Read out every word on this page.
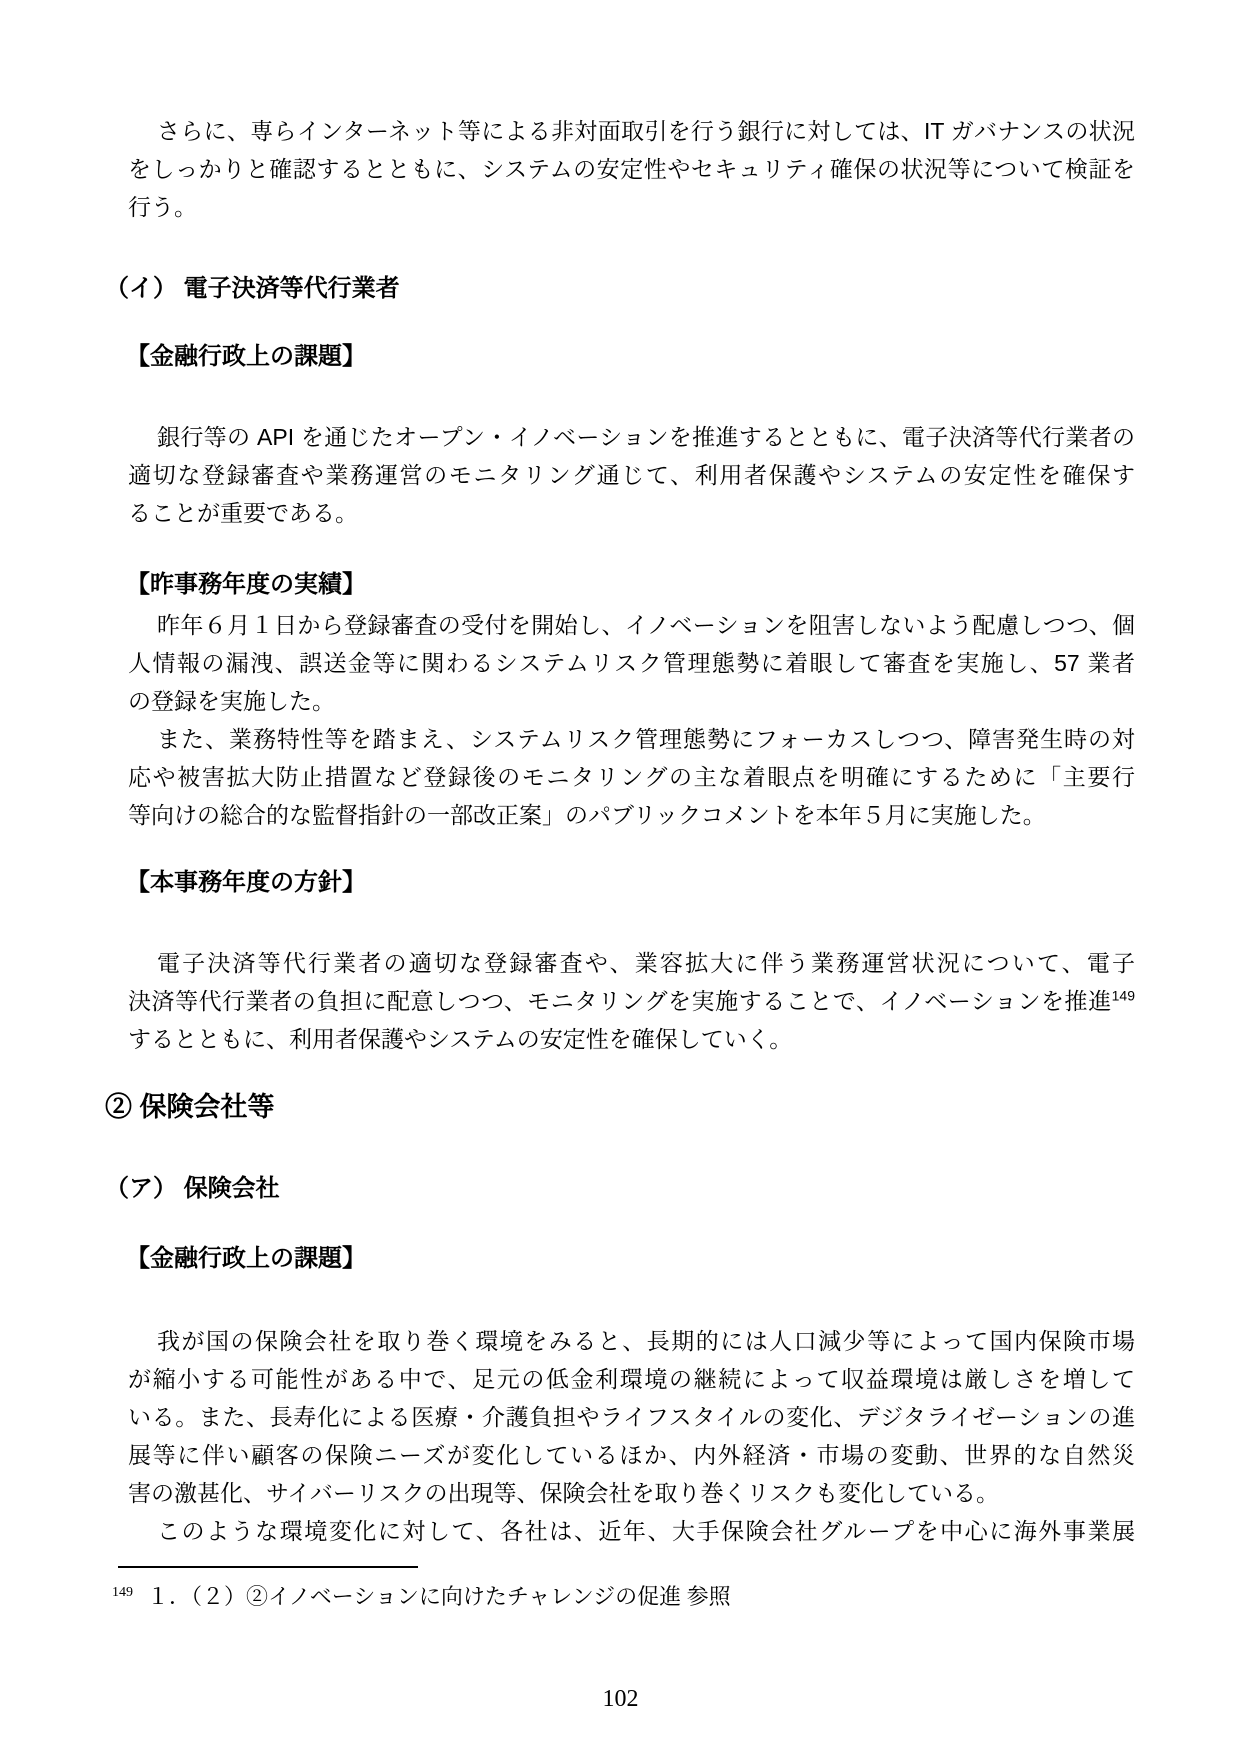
さらに、専らインターネット等による非対面取引を行う銀行に対しては、IT ガバナンスの状況
をしっかりと確認するとともに、システムの安定性やセキュリティ確保の状況等について検証を
行う。
（イ） 電子決済等代行業者
【金融行政上の課題】
銀行等の API を通じたオープン・イノベーションを推進するとともに、電子決済等代行業者の
適切な登録審査や業務運営のモニタリング通じて、利用者保護やシステムの安定性を確保す
ることが重要である。
【昨事務年度の実績】
昨年６月１日から登録審査の受付を開始し、イノベーションを阻害しないよう配慮しつつ、個
人情報の漏洩、誤送金等に関わるシステムリスク管理態勢に着眼して審査を実施し、57 業者
の登録を実施した。
また、業務特性等を踏まえ、システムリスク管理態勢にフォーカスしつつ、障害発生時の対
応や被害拡大防止措置など登録後のモニタリングの主な着眼点を明確にするために「主要行
等向けの総合的な監督指針の一部改正案」のパブリックコメントを本年５月に実施した。
【本事務年度の方針】
電子決済等代行業者の適切な登録審査や、業容拡大に伴う業務運営状況について、電子
決済等代行業者の負担に配意しつつ、モニタリングを実施することで、イノベーションを推進$^{149}$
するとともに、利用者保護やシステムの安定性を確保していく。
② 保険会社等
（ア） 保険会社
【金融行政上の課題】
我が国の保険会社を取り巻く環境をみると、長期的には人口減少等によって国内保険市場
が縮小する可能性がある中で、足元の低金利環境の継続によって収益環境は厳しさを増して
いる。また、長寿化による医療・介護負担やライフスタイルの変化、デジタライゼーションの進
展等に伴い顧客の保険ニーズが変化しているほか、内外経済・市場の変動、世界的な自然災
害の激甚化、サイバーリスクの出現等、保険会社を取り巻くリスクも変化している。
このような環境変化に対して、各社は、近年、大手保険会社グループを中心に海外事業展
$^{149}$ １．（２）②イノベーションに向けたチャレンジの促進 参照
102
